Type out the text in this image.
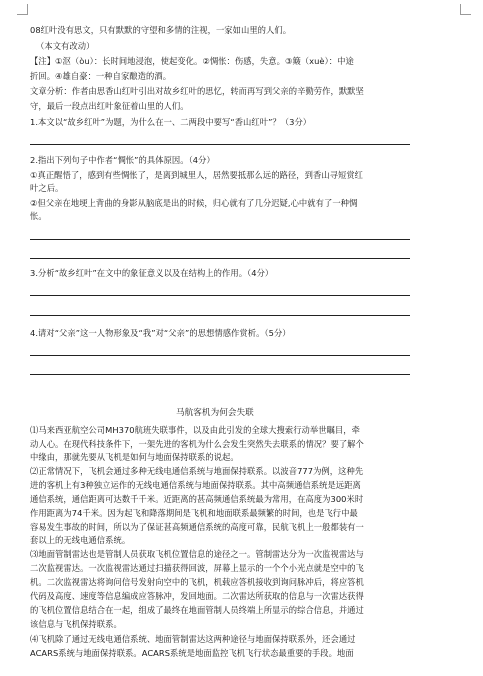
08红叶没有思文，只有默默的守望和多情的注视，一家如山里的人们。
（本文有改动）
【注】①沤（òu）：长时间地浸泡，使起变化。②惆怅：伤感，失意。③簸（xuè）：中途
折回。④雄自豪：一种自家酿造的酒。
文章分析：作者由思香山红叶引出对故乡红叶的思忆，转而再写到父亲的辛勤劳作，默默坚
守，最后一段点出红叶象征着山里的人们。
1.本文以“故乡红叶”为题，为什么在一、二两段中要写“香山红叶”？（3分）
2.指出下列句子中作者“惆怅”的具体原因。（4分）
①真正醒悟了，感到有些惆怅了，是离到城里人，居然要抵那么远的路径，到香山寻短赏红
叶之后。
②但父亲在地埂上背曲的身影从脑底是出的时候，归心就有了几分迟疑,心中就有了一种惆
怅。
3.分析“故乡红叶”在文中的象征意义以及在结构上的作用。（4分）
4.请对“父亲”这一人物形象及“我”对“父亲”的思想情感作赏析。（5分）
马航客机为何会失联
⑴马来西亚航空公司MH370航班失联事件，以及由此引发的全球大搜索行动举世瞩目，牵
动人心。在现代科技条件下，一架先进的客机为什么会发生突然失去联系的情况？要了解个
中缘由，那就先要从飞机是如何与地面保持联系的说起。
⑵正常情况下，飞机会通过多种无线电通信系统与地面保持联系。以波音777为例，这种先
进的客机上有3种独立运作的无线电通信系统与地面保持联系。其中高频通信系统是远距离
通信系统，通信距离可达数千千米。近距离的甚高频通信系统最为常用，在高度为300米时
作用距离为74千米。因为起飞和降落期间是飞机和地面联系最频繁的时间，也是飞行中最
容易发生事故的时间，所以为了保证甚高频通信系统的高度可靠，民航飞机上一般都装有一
套以上的无线电通信系统。
⑶地面管制雷达也是管制人员获取飞机位置信息的途径之一。管制雷达分为一次监视雷达与
二次监视雷达。一次监视雷达通过扫描获得回波，屏幕上显示的一个个小光点就是空中的飞
机。二次监视雷达将询问信号发射向空中的飞机，机载应答机接收到询问脉冲后，将应答机
代码及高度、速度等信息编成应答脉冲，发回地面。二次雷达所获取的信息与一次雷达获得
的飞机位置信息结合在一起，组成了最终在地面管制人员终端上所显示的综合信息，并通过
该信息与飞机保持联系。
⑷飞机除了通过无线电通信系统、地面管制雷达这两种途径与地面保持联系外，还会通过
ACARS系统与地面保持联系。ACARS系统是地面监控飞机飞行状态最重要的手段。地面
